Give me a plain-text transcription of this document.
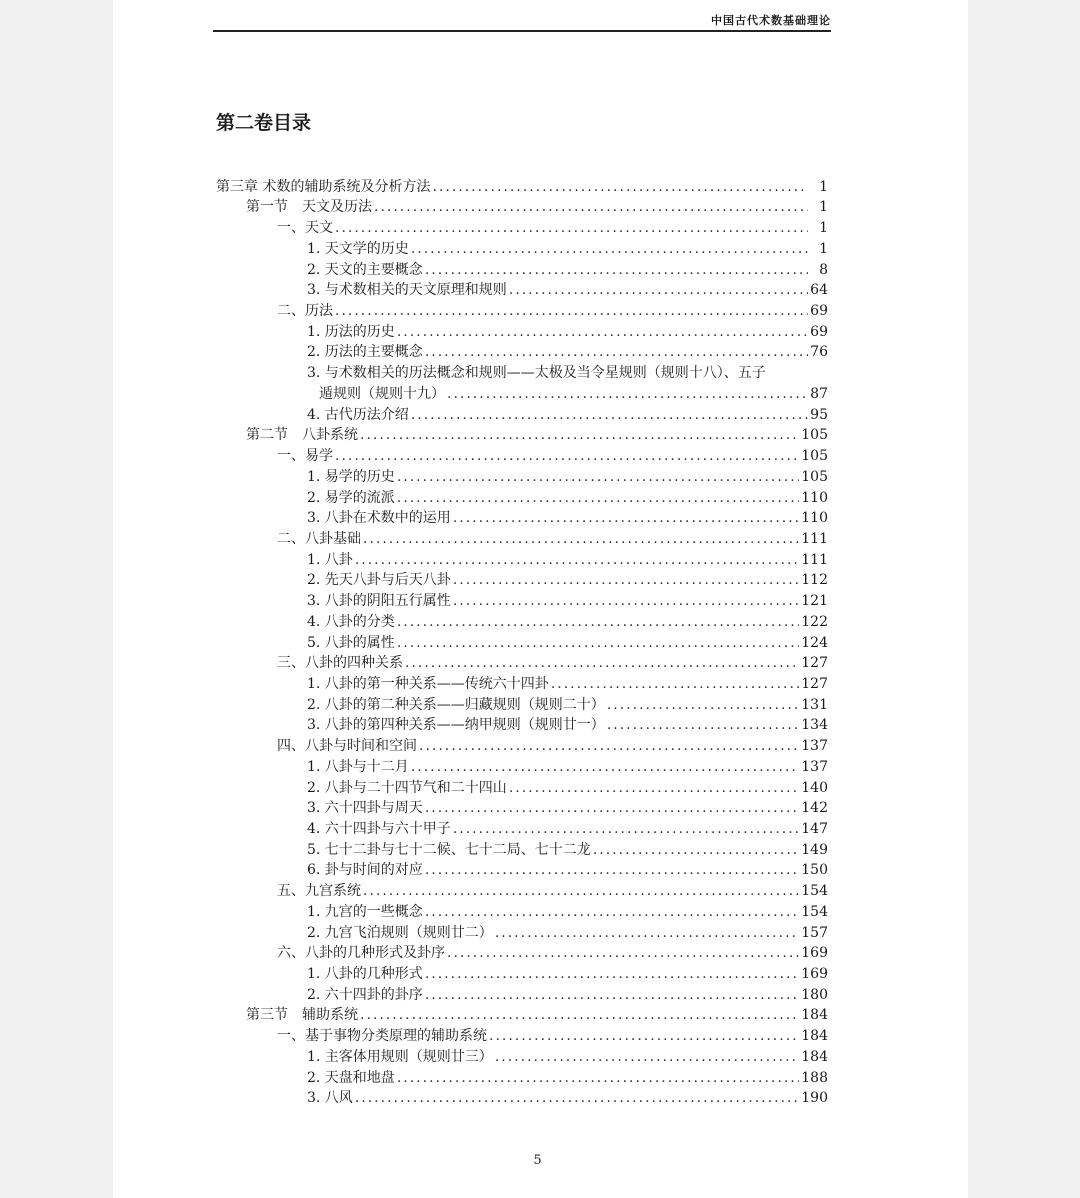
中国古代术数基础理论
第二卷目录
第三章 术数的辅助系统及分析方法 .....	1
第一节　天文及历法 .....	1
一、天文 .....	1
1. 天文学的历史 .....	1
2. 天文的主要概念 .....	8
3. 与术数相关的天文原理和规则 .....	64
二、历法 .....	69
1. 历法的历史 .....	69
2. 历法的主要概念 .....	76
3. 与术数相关的历法概念和规则——太极及当令星规则（规则十八）、五子
遁规则（规则十九） .....	87
4. 古代历法介绍 .....	95
第二节　八卦系统 .....	105
一、易学 .....	105
1. 易学的历史 .....	105
2. 易学的流派 .....	110
3. 八卦在术数中的运用 .....	110
二、八卦基础 .....	111
1. 八卦 .....	111
2. 先天八卦与后天八卦 .....	112
3. 八卦的阴阳五行属性 .....	121
4. 八卦的分类 .....	122
5. 八卦的属性 .....	124
三、八卦的四种关系 .....	127
1. 八卦的第一种关系——传统六十四卦 .....	127
2. 八卦的第二种关系——归藏规则（规则二十） .....	131
3. 八卦的第四种关系——纳甲规则（规则廿一） .....	134
四、八卦与时间和空间 .....	137
1. 八卦与十二月 .....	137
2. 八卦与二十四节气和二十四山 .....	140
3. 六十四卦与周天 .....	142
4. 六十四卦与六十甲子 .....	147
5. 七十二卦与七十二候、七十二局、七十二龙 .....	149
6. 卦与时间的对应 .....	150
五、九宫系统 .....	154
1. 九宫的一些概念 .....	154
2. 九宫飞泊规则（规则廿二） .....	157
六、八卦的几种形式及卦序 .....	169
1. 八卦的几种形式 .....	169
2. 六十四卦的卦序 .....	180
第三节　辅助系统 .....	184
一、基于事物分类原理的辅助系统 .....	184
1. 主客体用规则（规则廿三） .....	184
2. 天盘和地盘 .....	188
3. 八风 .....	190
5
